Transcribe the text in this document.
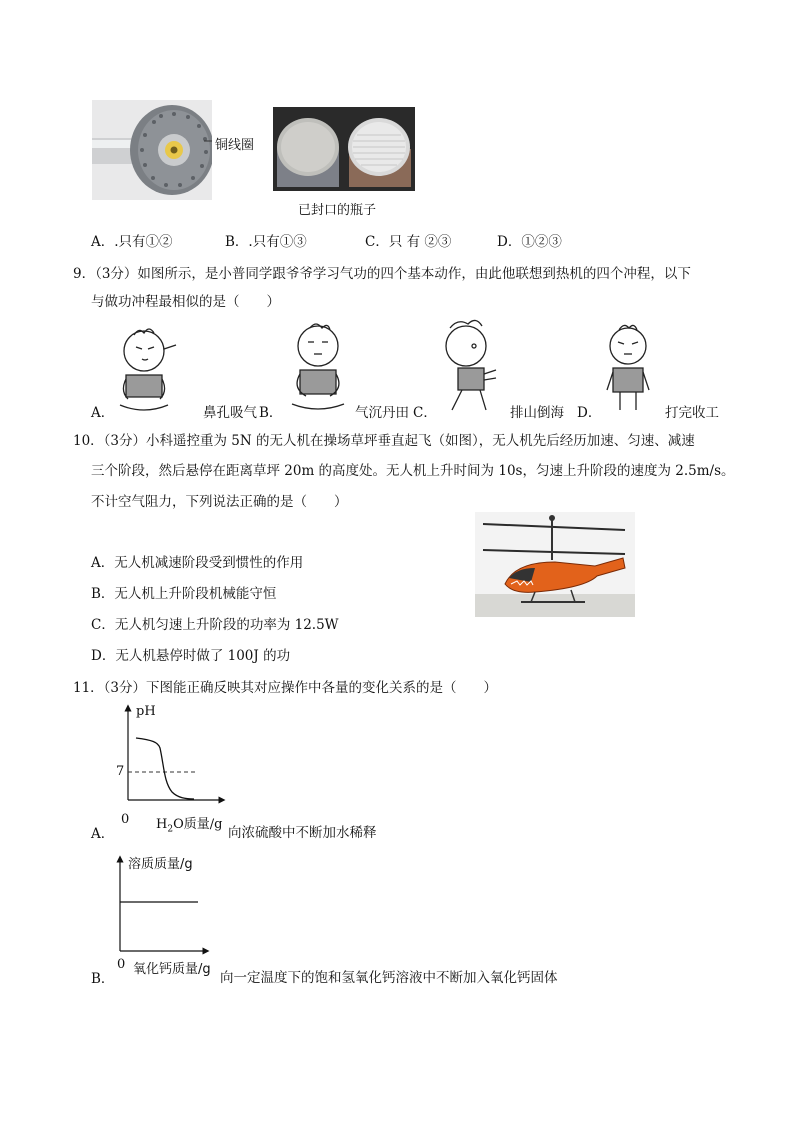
铜线圈
已封口的瓶子
A．.只有①②	B．.只有①③	C．只 有 ②③	D．①②③
9．（3分）如图所示，是小普同学跟爷爷学习气功的四个基本动作，由此他联想到热机的四个冲程，以下
与做功冲程最相似的是（　　）
A．	鼻孔吸气 B．	气沉丹田 C．	排山倒海 D．	打完收工
10．（3分）小科遥控重为 5N 的无人机在操场草坪垂直起飞（如图），无人机先后经历加速、匀速、减速
三个阶段，然后悬停在距离草坪 20m 的高度处。无人机上升时间为 10s，匀速上升阶段的速度为 2.5m/s。
不计空气阻力，下列说法正确的是（　　）
A．无人机减速阶段受到惯性的作用
B．无人机上升阶段机械能守恒
C．无人机匀速上升阶段的功率为 12.5W
D．无人机悬停时做了 100J 的功
11．（3分）下图能正确反映其对应操作中各量的变化关系的是（　　）
pH
7
0 $H_2O$质量/g
A．	向浓硫酸中不断加水稀释
溶质质量/g
0 氧化钙质量/g
B．	向一定温度下的饱和氢氧化钙溶液中不断加入氧化钙固体
